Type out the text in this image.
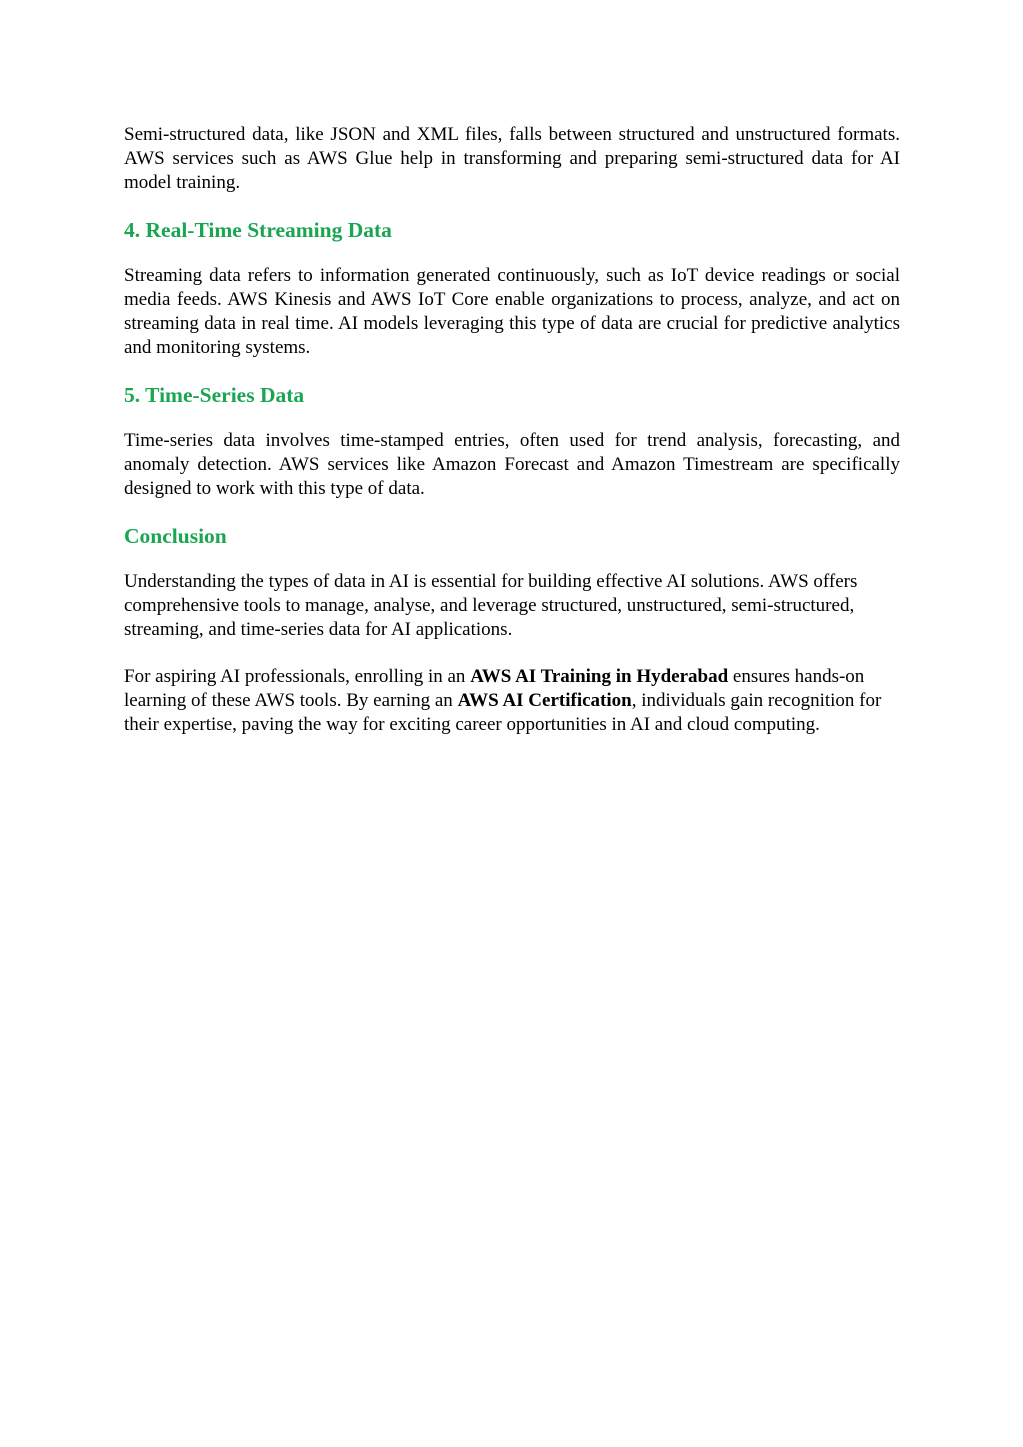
Semi-structured data, like JSON and XML files, falls between structured and unstructured formats. AWS services such as AWS Glue help in transforming and preparing semi-structured data for AI model training.

4. Real-Time Streaming Data

Streaming data refers to information generated continuously, such as IoT device readings or social media feeds. AWS Kinesis and AWS IoT Core enable organizations to process, analyze, and act on streaming data in real time. AI models leveraging this type of data are crucial for predictive analytics and monitoring systems.

5. Time-Series Data

Time-series data involves time-stamped entries, often used for trend analysis, forecasting, and anomaly detection. AWS services like Amazon Forecast and Amazon Timestream are specifically designed to work with this type of data.

Conclusion

Understanding the types of data in AI is essential for building effective AI solutions. AWS offers comprehensive tools to manage, analyse, and leverage structured, unstructured, semi-structured, streaming, and time-series data for AI applications.

For aspiring AI professionals, enrolling in an AWS AI Training in Hyderabad ensures hands-on learning of these AWS tools. By earning an AWS AI Certification, individuals gain recognition for their expertise, paving the way for exciting career opportunities in AI and cloud computing.
